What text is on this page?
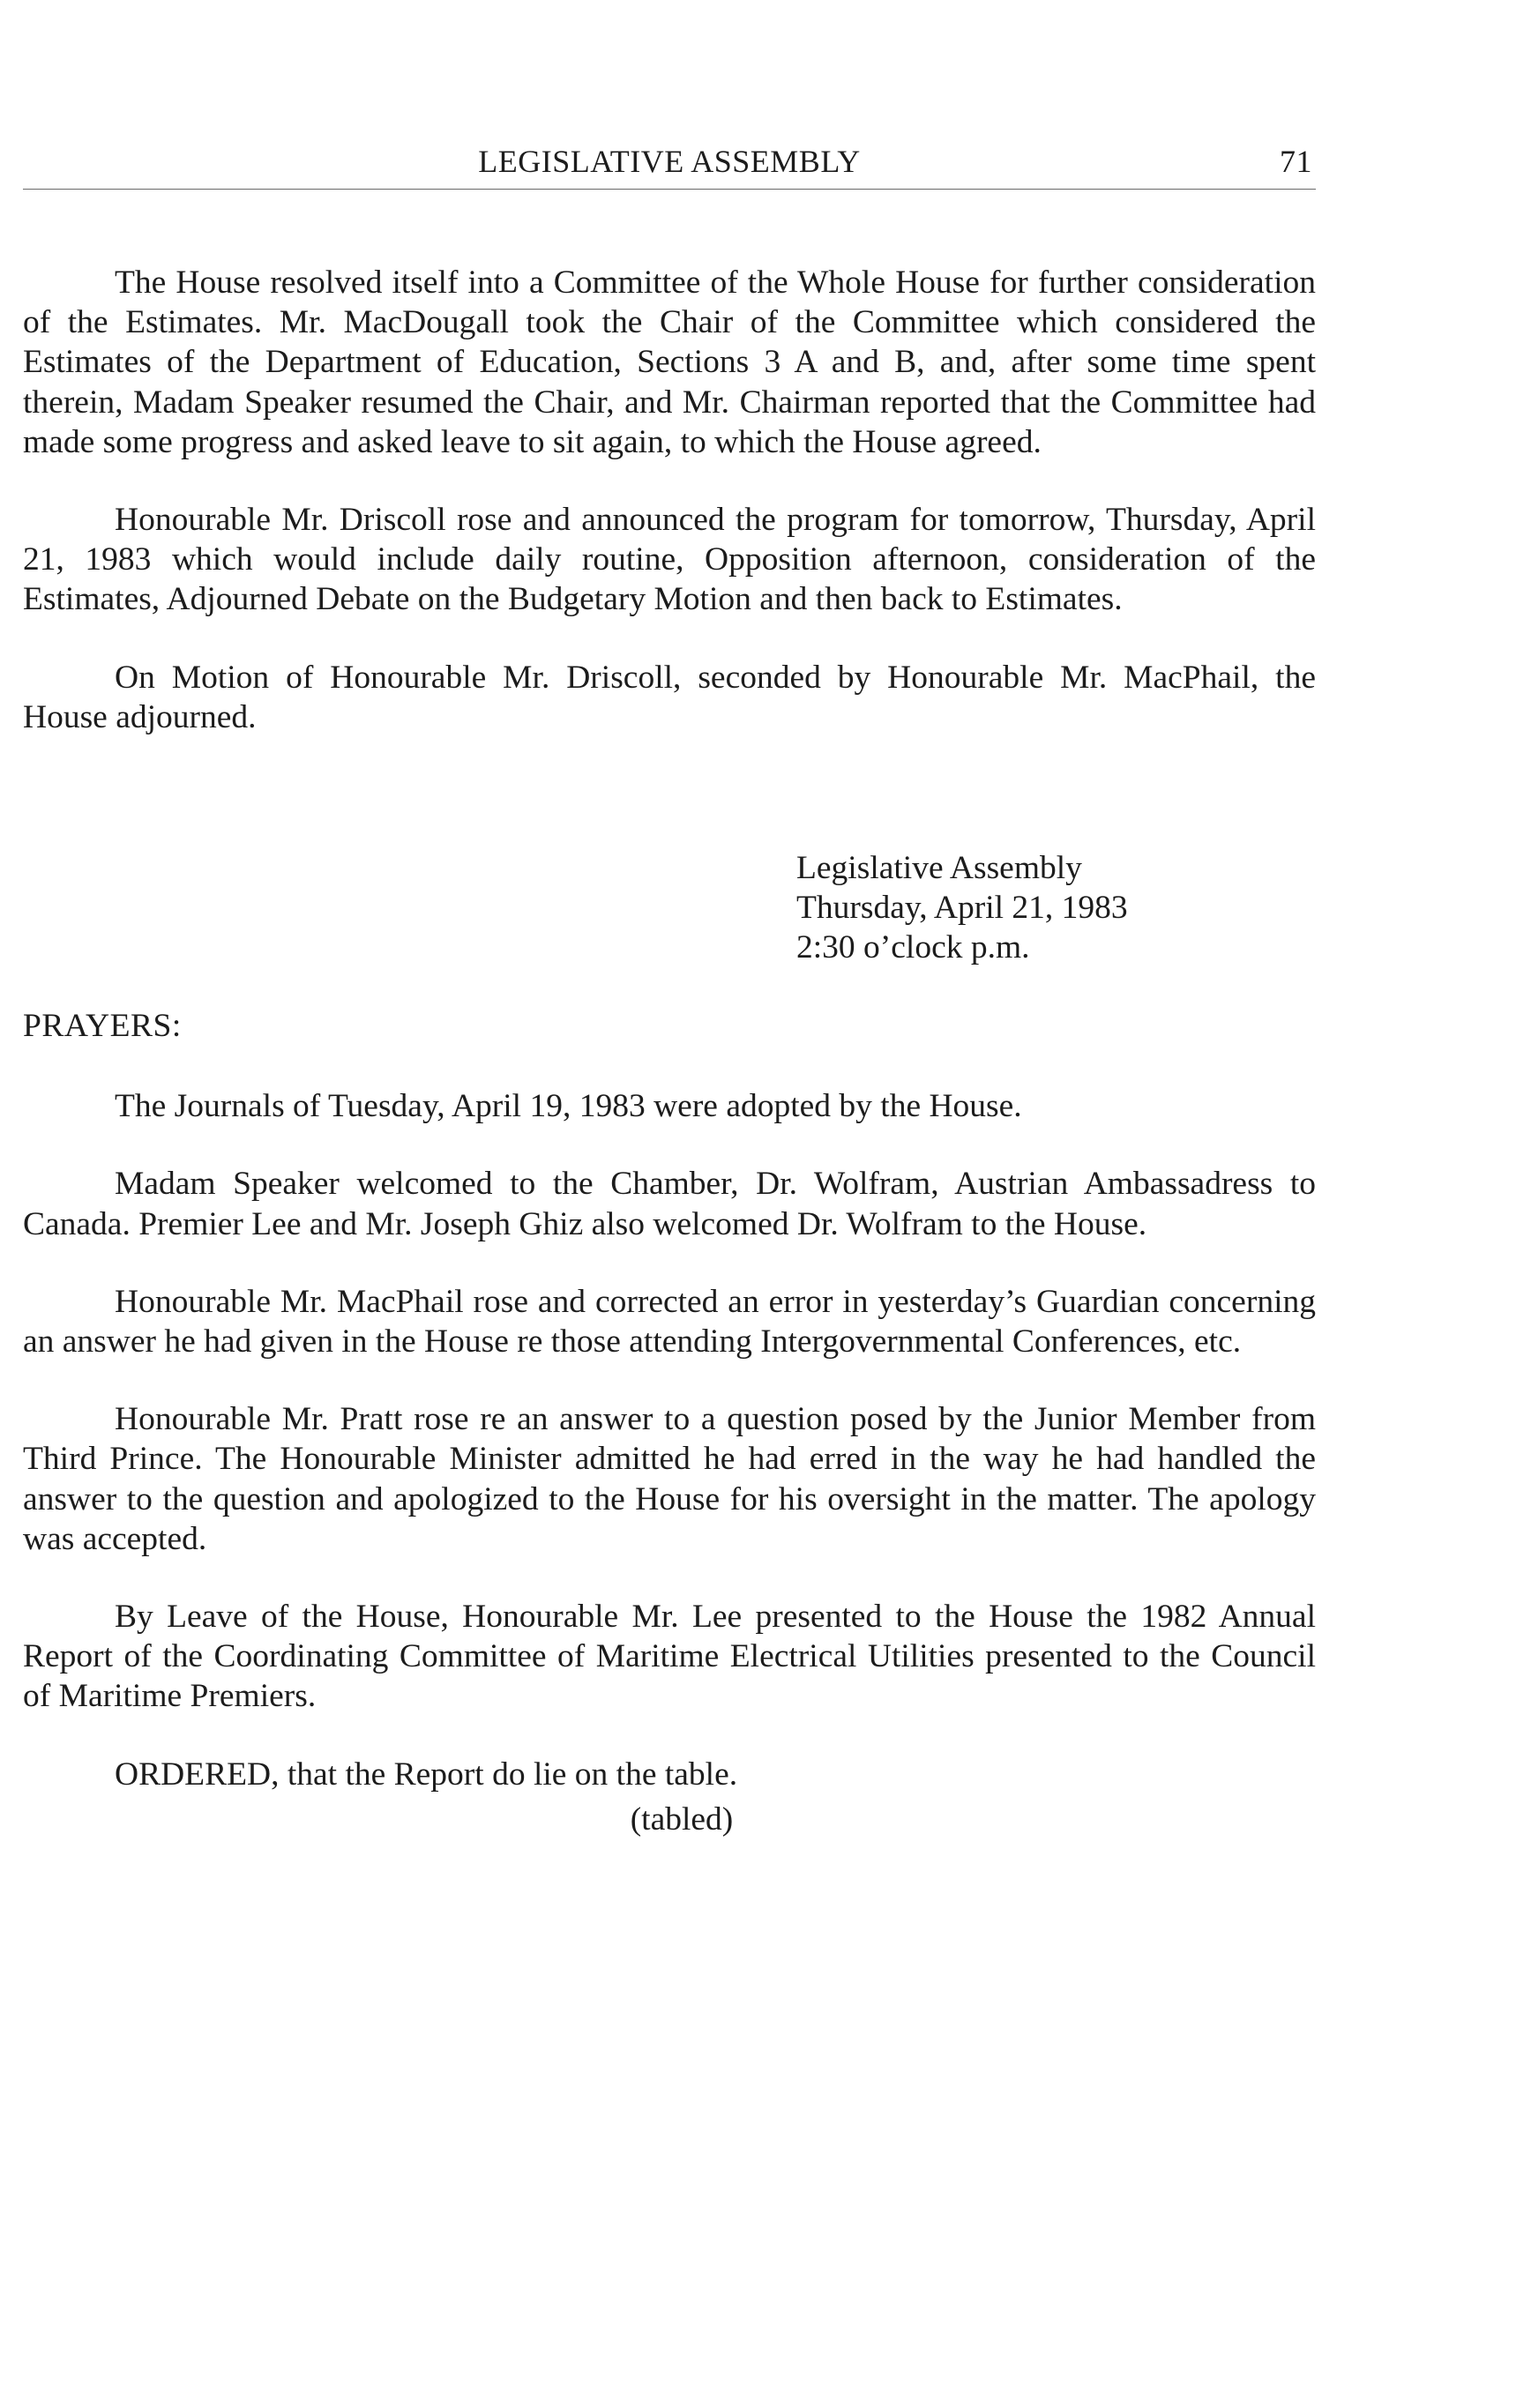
LEGISLATIVE ASSEMBLY	71

The House resolved itself into a Committee of the Whole House for further consideration of the Estimates. Mr. MacDougall took the Chair of the Committee which considered the Estimates of the Department of Education, Sections 3 A and B, and, after some time spent therein, Madam Speaker resumed the Chair, and Mr. Chairman reported that the Committee had made some progress and asked leave to sit again, to which the House agreed.

Honourable Mr. Driscoll rose and announced the program for tomorrow, Thursday, April 21, 1983 which would include daily routine, Opposition afternoon, consideration of the Estimates, Adjourned Debate on the Budgetary Motion and then back to Estimates.

On Motion of Honourable Mr. Driscoll, seconded by Honourable Mr. MacPhail, the House adjourned.

Legislative Assembly
Thursday, April 21, 1983
2:30 o’clock p.m.
PRAYERS:

The Journals of Tuesday, April 19, 1983 were adopted by the House.

Madam Speaker welcomed to the Chamber, Dr. Wolfram, Austrian Ambassadress to Canada. Premier Lee and Mr. Joseph Ghiz also welcomed Dr. Wolfram to the House.

Honourable Mr. MacPhail rose and corrected an error in yesterday’s Guardian concerning an answer he had given in the House re those attending Intergovernmental Conferences, etc.

Honourable Mr. Pratt rose re an answer to a question posed by the Junior Member from Third Prince. The Honourable Minister admitted he had erred in the way he had handled the answer to the question and apologized to the House for his oversight in the matter. The apology was accepted.

By Leave of the House, Honourable Mr. Lee presented to the House the 1982 Annual Report of the Coordinating Committee of Maritime Electrical Utilities presented to the Council of Maritime Premiers.

ORDERED, that the Report do lie on the table.

(tabled)
